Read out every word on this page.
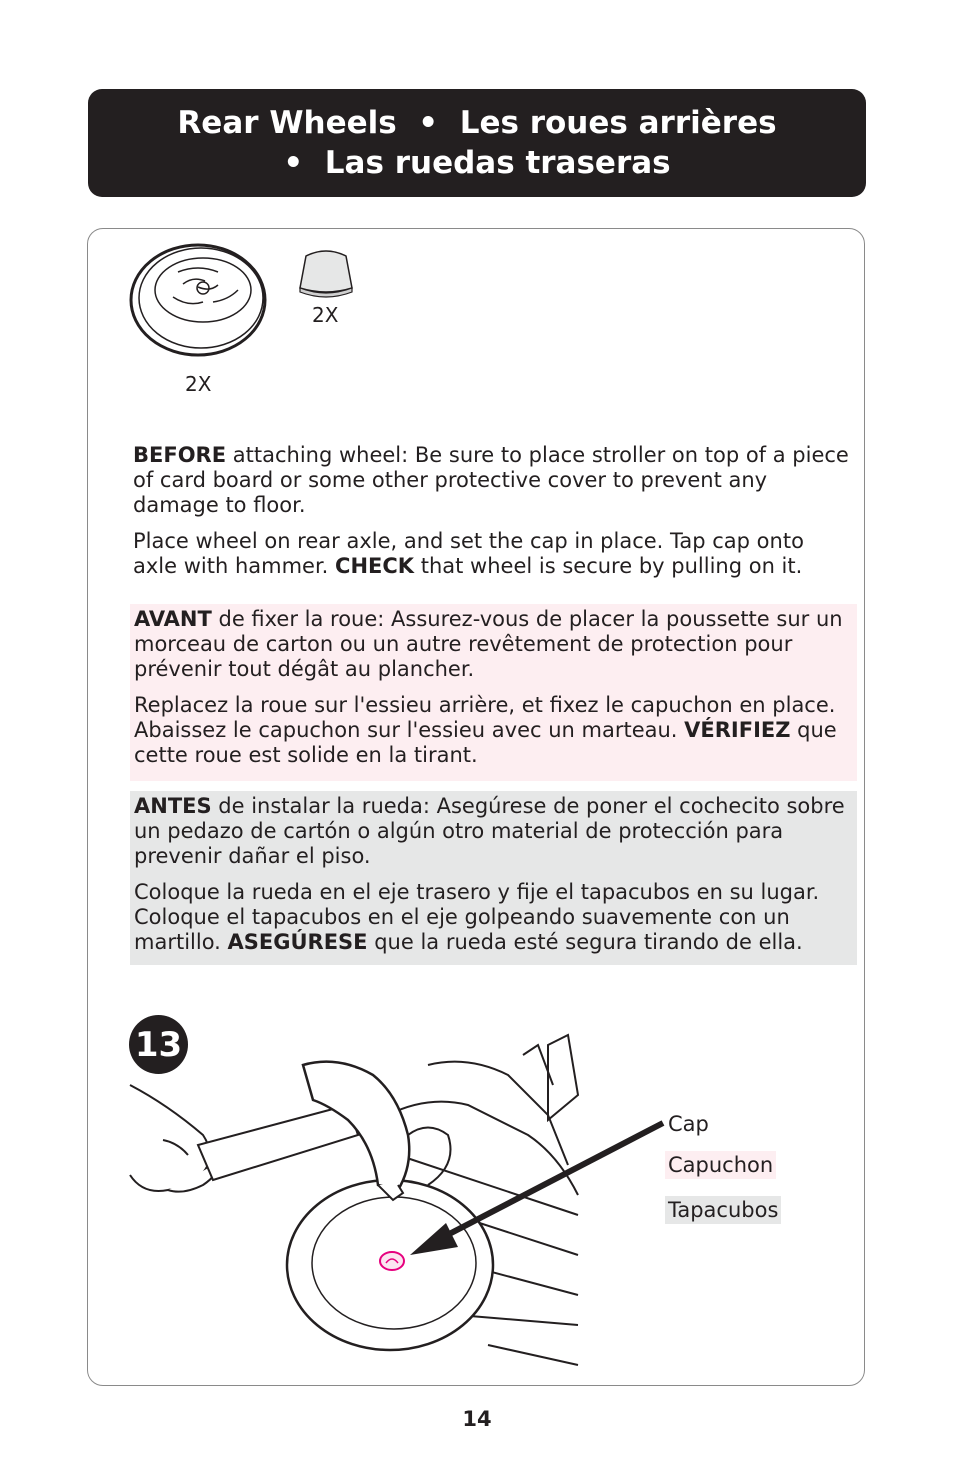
Rear Wheels  •  Les roues arrières
•  Las ruedas traseras
2X
2X

BEFORE attaching wheel: Be sure to place stroller on top of a piece of card board or some other protective cover to prevent any damage to floor.

Place wheel on rear axle, and set the cap in place. Tap cap onto axle with hammer. CHECK that wheel is secure by pulling on it.

AVANT de fixer la roue: Assurez-vous de placer la poussette sur un morceau de carton ou un autre revêtement de protection pour prévenir tout dégât au plancher.

Replacez la roue sur l'essieu arrière, et fixez le capuchon en place. Abaissez le capuchon sur l'essieu avec un marteau. VÉRIFIEZ que cette roue est solide en la tirant.

ANTES de instalar la rueda: Asegúrese de poner el cochecito sobre un pedazo de cartón o algún otro material de protección para prevenir dañar el piso.

Coloque la rueda en el eje trasero y fije el tapacubos en su lugar. Coloque el tapacubos en el eje golpeando suavemente con un martillo. ASEGÚRESE que la rueda esté segura tirando de ella.

13
Cap
Capuchon
Tapacubos
14
